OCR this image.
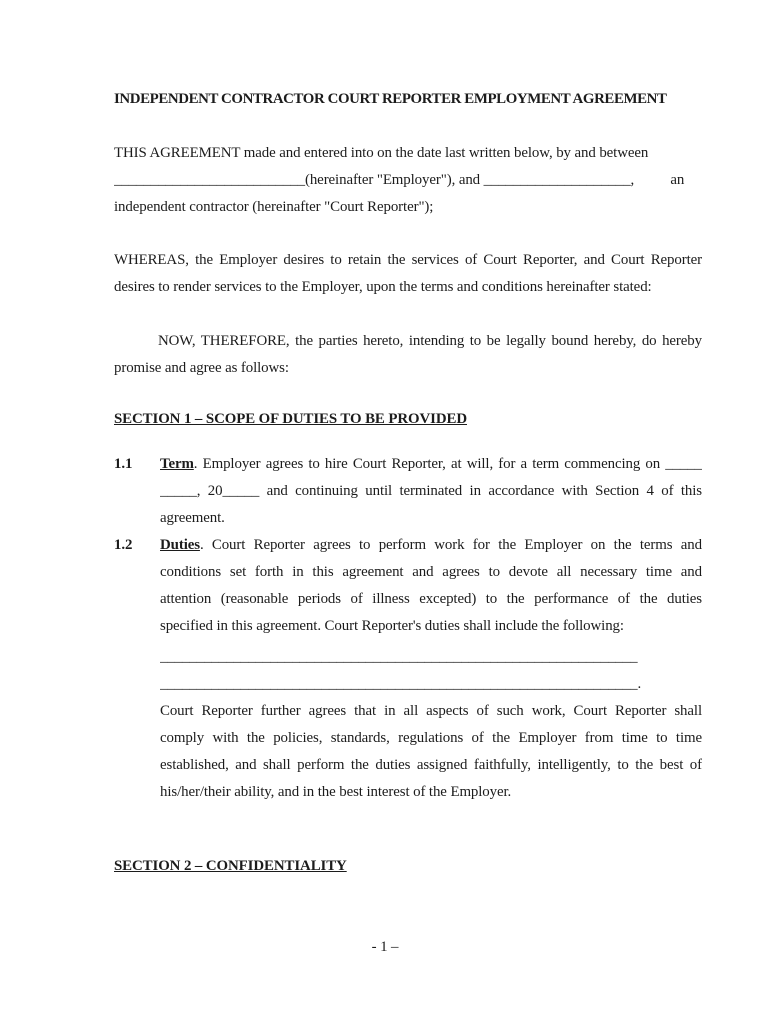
INDEPENDENT CONTRACTOR COURT REPORTER EMPLOYMENT AGREEMENT
THIS AGREEMENT made and entered into on the date last written below, by and between
__________________________(hereinafter "Employer"), and ____________________,          an
independent contractor (hereinafter "Court Reporter");
WHEREAS, the Employer desires to retain the services of Court Reporter, and Court Reporter
desires to render services to the Employer, upon the terms and conditions hereinafter stated:
NOW, THEREFORE, the parties hereto, intending to be legally bound hereby, do hereby
promise and agree as follows:
SECTION 1 – SCOPE OF DUTIES TO BE PROVIDED
1.1 Term. Employer agrees to hire Court Reporter, at will, for a term commencing on _____
_____, 20_____ and continuing until terminated in accordance with Section 4 of this
agreement.
1.2 Duties. Court Reporter agrees to perform work for the Employer on the terms and
conditions set forth in this agreement and agrees to devote all necessary time and
attention (reasonable periods of illness excepted) to the performance of the duties
specified in this agreement. Court Reporter's duties shall include the following:
_________________________________________________________________
_________________________________________________________________.
Court Reporter further agrees that in all aspects of such work, Court Reporter shall
comply with the policies, standards, regulations of the Employer from time to time
established, and shall perform the duties assigned faithfully, intelligently, to the best of
his/her/their ability, and in the best interest of the Employer.
SECTION 2 – CONFIDENTIALITY
- 1 –
